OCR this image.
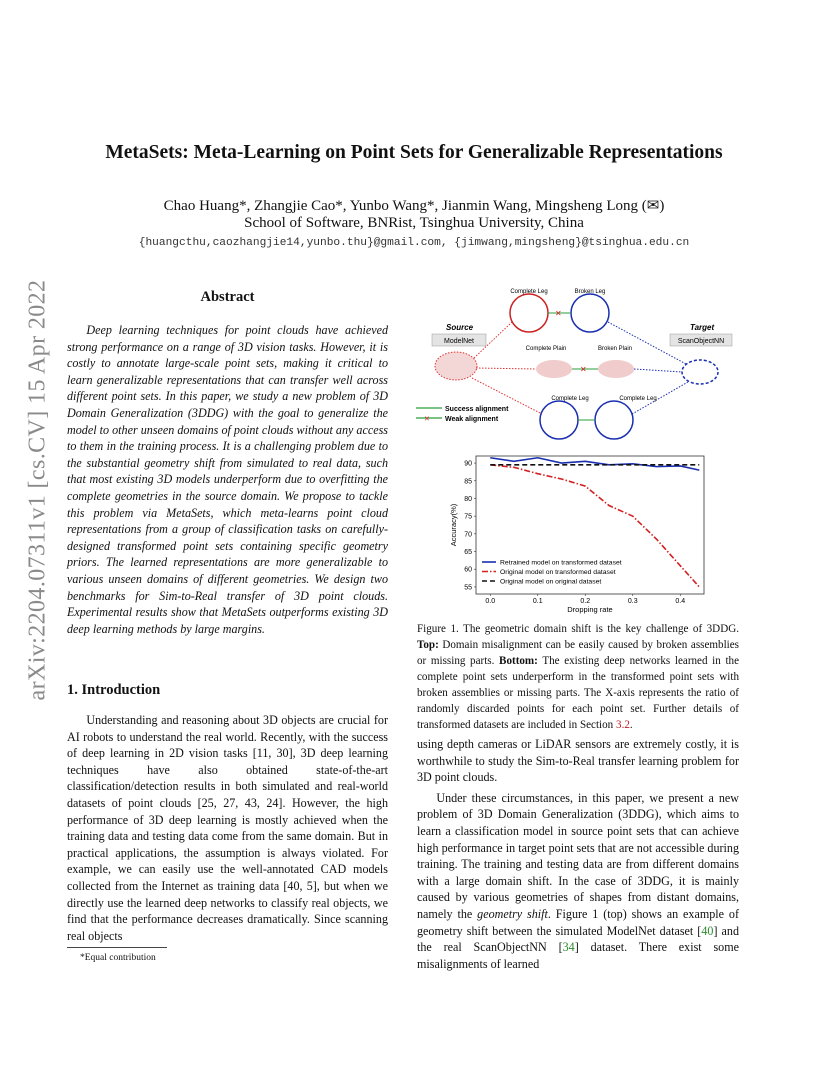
arXiv:2204.07311v1 [cs.CV] 15 Apr 2022
MetaSets: Meta-Learning on Point Sets for Generalizable Representations
Chao Huang*, Zhangjie Cao*, Yunbo Wang*, Jianmin Wang, Mingsheng Long (✉)
School of Software, BNRist, Tsinghua University, China
{huangcthu,caozhangjie14,yunbo.thu}@gmail.com, {jimwang,mingsheng}@tsinghua.edu.cn
Abstract
Deep learning techniques for point clouds have achieved strong performance on a range of 3D vision tasks. However, it is costly to annotate large-scale point sets, making it critical to learn generalizable representations that can transfer well across different point sets. In this paper, we study a new problem of 3D Domain Generalization (3DDG) with the goal to generalize the model to other unseen domains of point clouds without any access to them in the training process. It is a challenging problem due to the substantial geometry shift from simulated to real data, such that most existing 3D models underperform due to overfitting the complete geometries in the source domain. We propose to tackle this problem via MetaSets, which meta-learns point cloud representations from a group of classification tasks on carefully-designed transformed point sets containing specific geometry priors. The learned representations are more generalizable to various unseen domains of different geometries. We design two benchmarks for Sim-to-Real transfer of 3D point clouds. Experimental results show that MetaSets outperforms existing 3D deep learning methods by large margins.
1. Introduction
Understanding and reasoning about 3D objects are crucial for AI robots to understand the real world. Recently, with the success of deep learning in 2D vision tasks [11, 30], 3D deep learning techniques have also obtained state-of-the-art classification/detection results in both simulated and real-world datasets of point clouds [25, 27, 43, 24]. However, the high performance of 3D deep learning is mostly achieved when the training data and testing data come from the same domain. But in practical applications, the assumption is always violated. For example, we can easily use the well-annotated CAD models collected from the Internet as training data [40, 5], but when we directly use the learned deep networks to classify real objects, we find that the performance decreases dramatically. Since scanning real objects
*Equal contribution
Source	Target
ModelNet	ScanObjectNN
✕
✕
Complete Leg	Broken Leg
Complete Plain	Broken Plain
Complete Leg	Complete Leg
Success alignment
✕ Weak alignment
55
60
65
70
75
80
85
90
0.0	0.1	0.2	0.3	0.4
Dropping rate
Accuracy(%)
Retrained model on transformed dataset
Original model on transformed dataset
Original model on original dataset
Figure 1. The geometric domain shift is the key challenge of 3DDG. Top: Domain misalignment can be easily caused by broken assemblies or missing parts. Bottom: The existing deep networks learned in the complete point sets underperform in the transformed point sets with broken assemblies or missing parts. The X-axis represents the ratio of randomly discarded points for each point set. Further details of transformed datasets are included in Section 3.2.

using depth cameras or LiDAR sensors are extremely costly, it is worthwhile to study the Sim-to-Real transfer learning problem for 3D point clouds.

Under these circumstances, in this paper, we present a new problem of 3D Domain Generalization (3DDG), which aims to learn a classification model in source point sets that can achieve high performance in target point sets that are not accessible during training. The training and testing data are from different domains with a large domain shift. In the case of 3DDG, it is mainly caused by various geometries of shapes from distant domains, namely the geometry shift. Figure 1 (top) shows an example of geometry shift between the simulated ModelNet dataset [40] and the real ScanObjectNN [34] dataset. There exist some misalignments of learned
